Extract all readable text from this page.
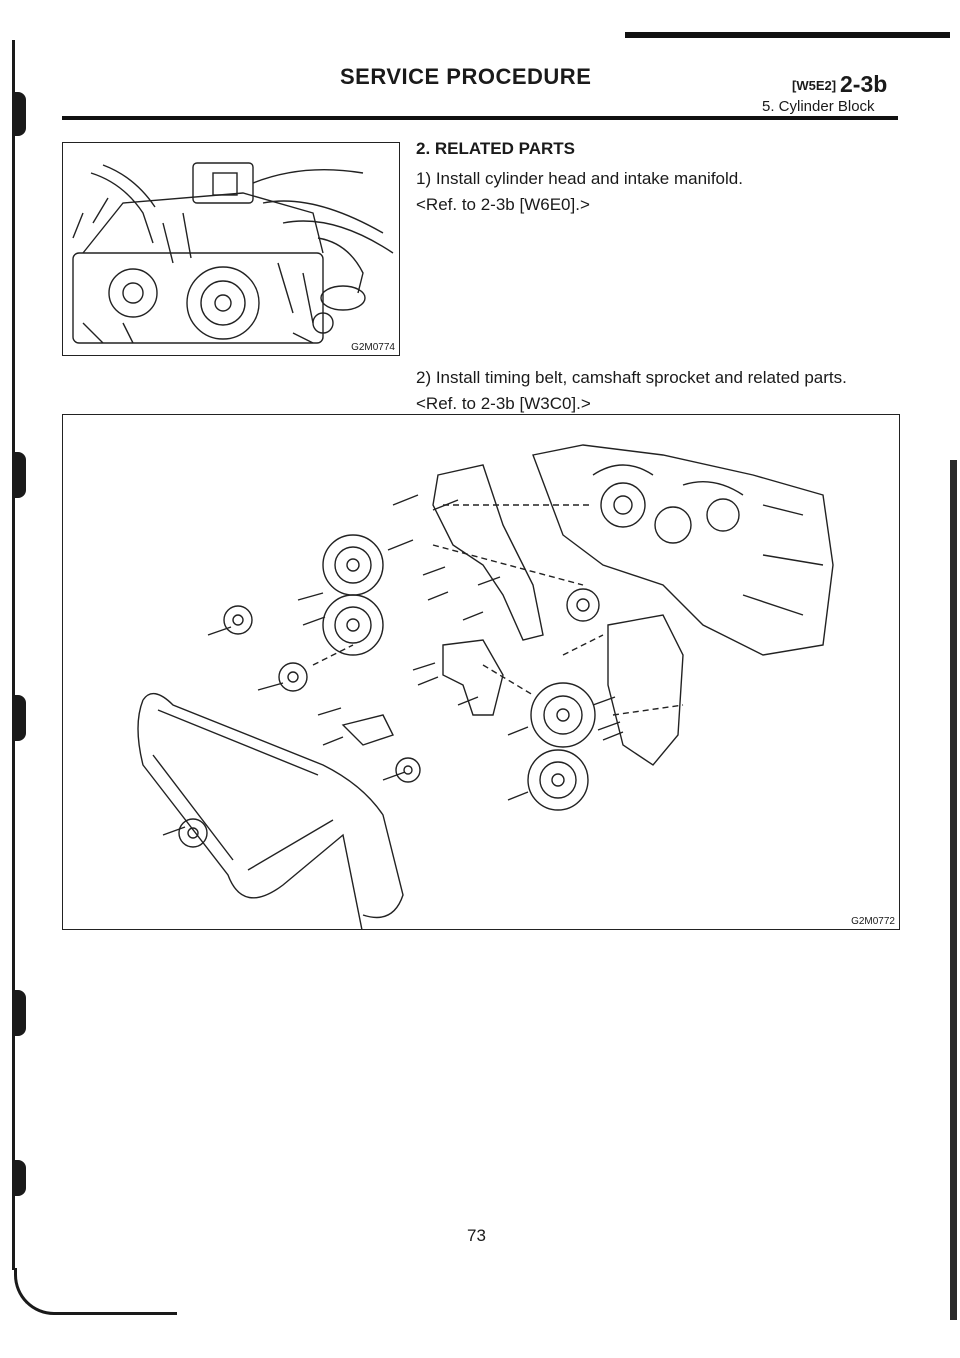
SERVICE PROCEDURE	[W5E2] 2-3b
5. Cylinder Block
G2M0774
2. RELATED PARTS
1) Install cylinder head and intake manifold.
<Ref. to 2-3b [W6E0].>
2) Install timing belt, camshaft sprocket and related parts.
<Ref. to 2-3b [W3C0].>
G2M0772
73
